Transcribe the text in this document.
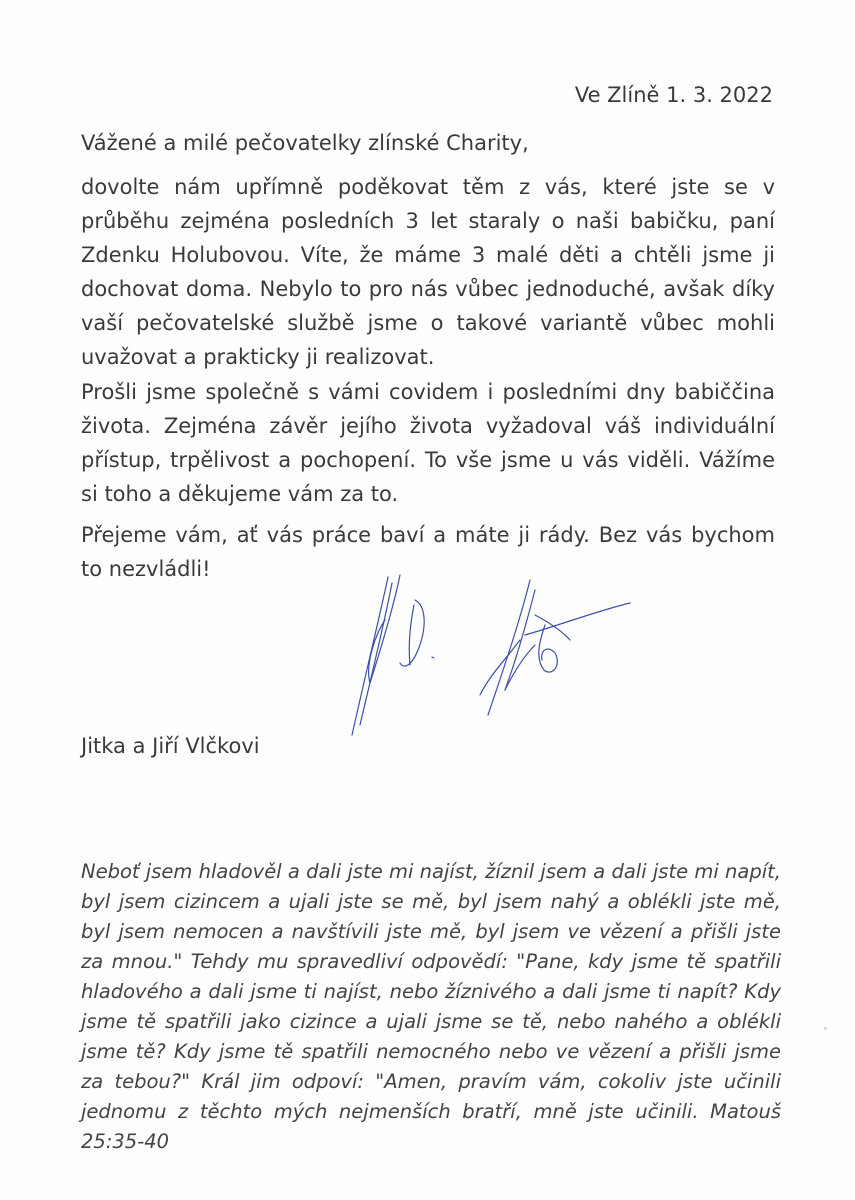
Ve Zlíně 1. 3. 2022
Vážené a milé pečovatelky zlínské Charity,
dovolte nám upřímně poděkovat těm z vás, které jste se v průběhu zejména posledních 3 let staraly o naši babičku, paní Zdenku Holubovou. Víte, že máme 3 malé děti a chtěli jsme ji dochovat doma. Nebylo to pro nás vůbec jednoduché, avšak díky vaší pečovatelské službě jsme o takové variantě vůbec mohli uvažovat a prakticky ji realizovat.
Prošli jsme společně s vámi covidem i posledními dny babiččina života. Zejména závěr jejího života vyžadoval váš individuální přístup, trpělivost a pochopení. To vše jsme u vás viděli. Vážíme si toho a děkujeme vám za to.
Přejeme vám, ať vás práce baví a máte ji rády. Bez vás bychom to nezvládli!
Jitka a Jiří Vlčkovi
Neboť jsem hladověl a dali jste mi najíst, žíznil jsem a dali jste mi napít, byl jsem cizincem a ujali jste se mě, byl jsem nahý a oblékli jste mě, byl jsem nemocen a navštívili jste mě, byl jsem ve vězení a přišli jste za mnou." Tehdy mu spravedliví odpovědí: "Pane, kdy jsme tě spatřili hladového a dali jsme ti najíst, nebo žíznivého a dali jsme ti napít? Kdy jsme tě spatřili jako cizince a ujali jsme se tě, nebo nahého a oblékli jsme tě? Kdy jsme tě spatřili nemocného nebo ve vězení a přišli jsme za tebou?" Král jim odpoví: "Amen, pravím vám, cokoliv jste učinili jednomu z těchto mých nejmenších bratří, mně jste učinili. Matouš 25:35-40
